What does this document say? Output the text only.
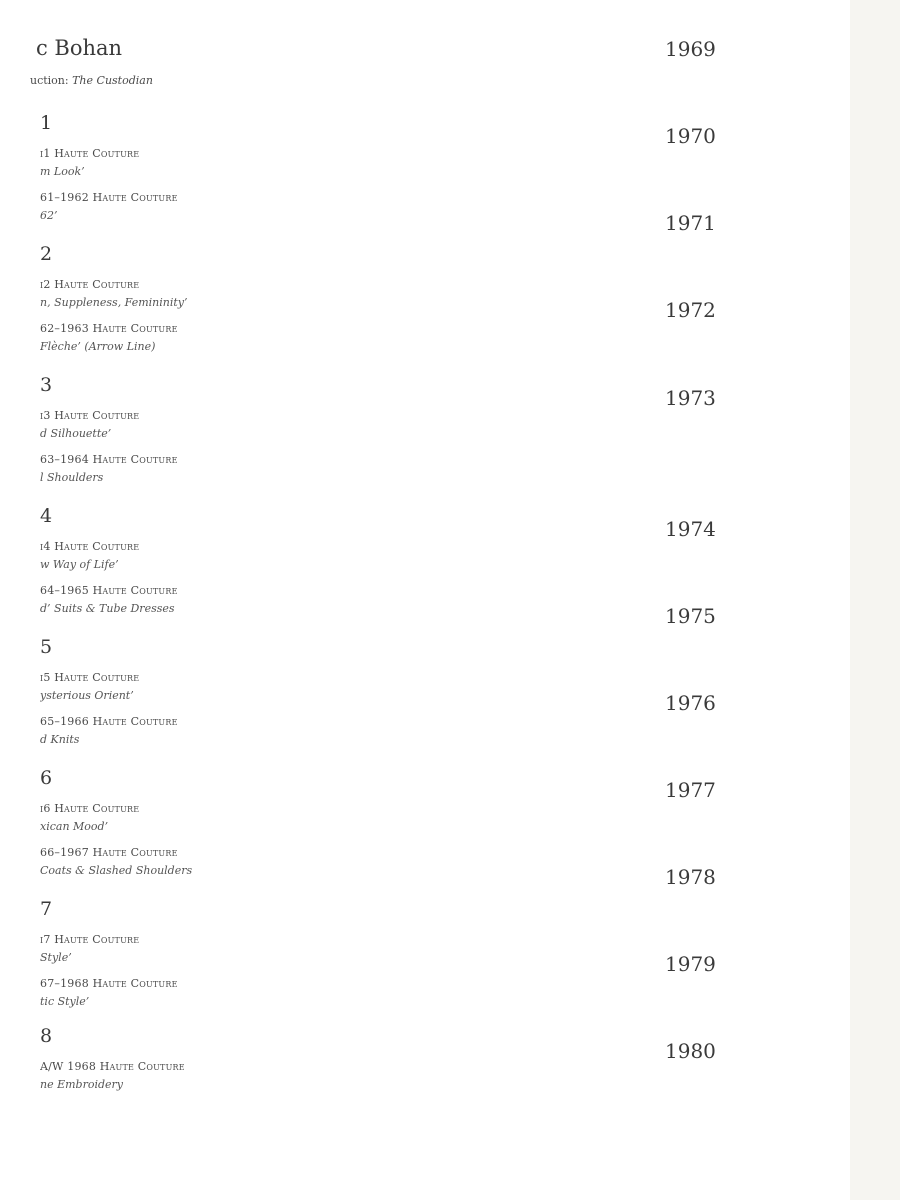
c Bohan
uction: The Custodian
1
i1 Haute Couture
m Look’
61–1962 Haute Couture
62’
2
i2 Haute Couture
n, Suppleness, Femininity’
62–1963 Haute Couture
Flèche’ (Arrow Line)
3
i3 Haute Couture
d Silhouette’
63–1964 Haute Couture
l Shoulders
4
i4 Haute Couture
w Way of Life’
64–1965 Haute Couture
d’ Suits & Tube Dresses
5
i5 Haute Couture
ysterious Orient’
65–1966 Haute Couture
d Knits
6
i6 Haute Couture
xican Mood’
66–1967 Haute Couture
Coats & Slashed Shoulders
7
i7 Haute Couture
Style’
67–1968 Haute Couture
tic Style’
8
A/W 1968 Haute Couture
ne Embroidery
1969
1970
1971
1972
1973
1974
1975
1976
1977
1978
1979
1980
